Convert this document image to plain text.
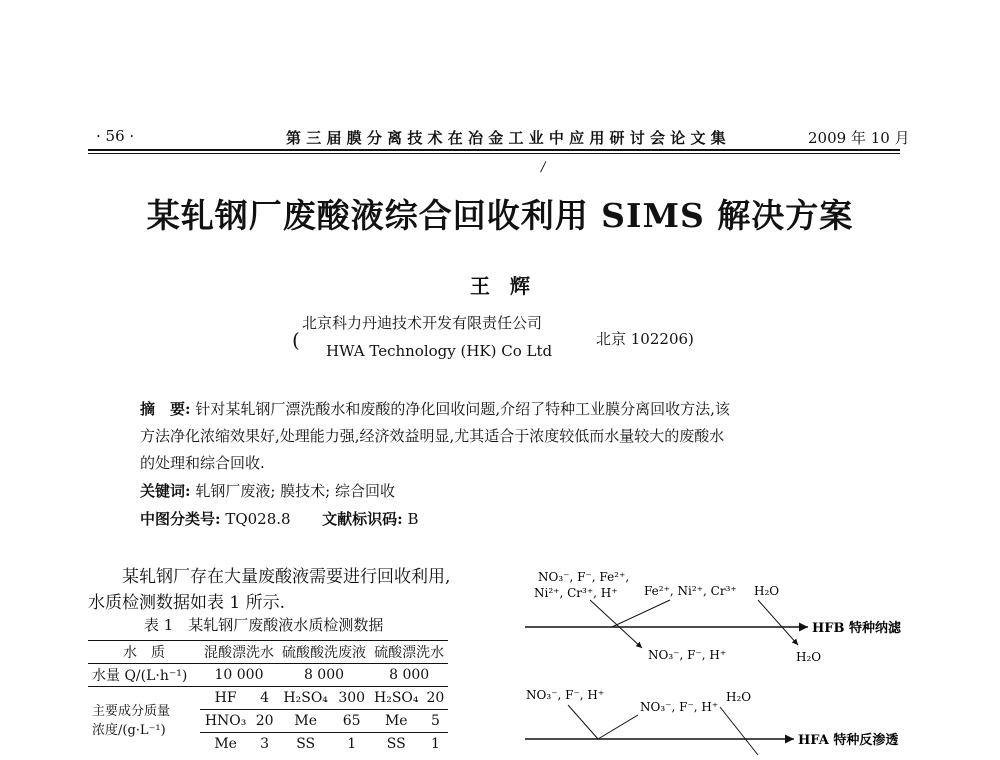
· 56 ·	第 三 届 膜 分 离 技 术 在 冶 金 工 业 中 应 用 研 讨 会 论 文 集	2009 年 10 月
/
某轧钢厂废酸液综合回收利用 SIMS 解决方案
王　辉
(
北京科力丹迪技术开发有限责任公司
HWA Technology (HK) Co Ltd
北京 102206)
摘　要: 针对某轧钢厂漂洗酸水和废酸的净化回收问题,介绍了特种工业膜分离回收方法,该
方法净化浓缩效果好,处理能力强,经济效益明显,尤其适合于浓度较低而水量较大的废酸水
的处理和综合回收.
关键词: 轧钢厂废液; 膜技术; 综合回收
中图分类号: TQ028.8 文献标识码: B
某轧钢厂存在大量废酸液需要进行回收利用,
水质检测数据如表 1 所示.
表 1　某轧钢厂废酸液水质检测数据
水　质	混酸漂洗水		硫酸酸洗废液		硫酸漂洗水	
水量 Q/(L·h⁻¹)	10 000		8 000		8 000	

主要成分质量
浓度/(g·L⁻¹)	HF	4	H₂SO₄	300	H₂SO₄	20
	HNO₃	20	Me	65	Me	5
	Me	3	SS	1	SS	1
NO₃⁻, F⁻, Fe²⁺,
Ni²⁺, Cr³⁺, H⁺ Fe²⁺, Ni²⁺, Cr³⁺ H₂O
HFB 特种纳滤
NO₃⁻, F⁻, H⁺	H₂O
NO₃⁻, F⁻, H⁺
NO₃⁻, F⁻, H⁺
H₂O
HFA 特种反渗透
